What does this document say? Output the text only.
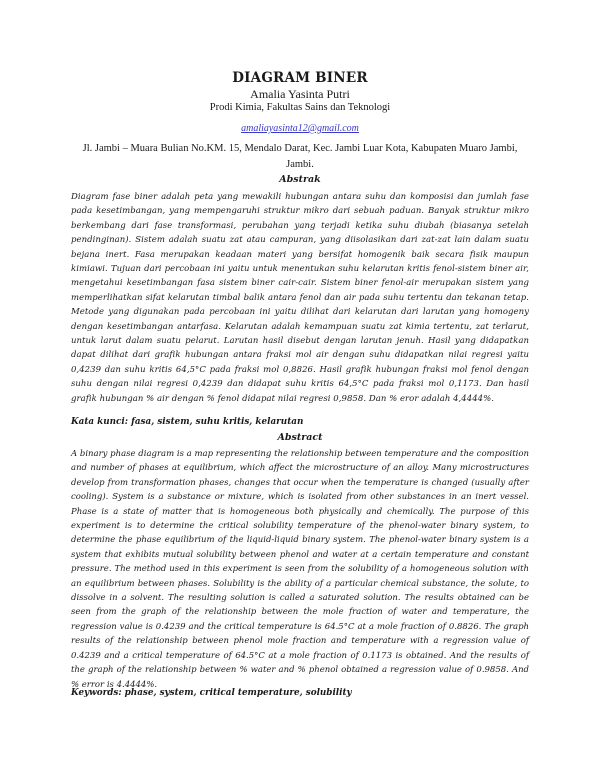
DIAGRAM BINER
Amalia Yasinta Putri
Prodi Kimia, Fakultas Sains dan Teknologi
amaliayasinta12@gmail.com
Jl. Jambi – Muara Bulian No.KM. 15, Mendalo Darat, Kec. Jambi Luar Kota, Kabupaten Muaro Jambi, Jambi.
Abstrak

Diagram fase biner adalah peta yang mewakili hubungan antara suhu dan komposisi dan jumlah fase pada kesetimbangan, yang mempengaruhi struktur mikro dari sebuah paduan. Banyak struktur mikro berkembang dari fase transformasi, perubahan yang terjadi ketika suhu diubah (biasanya setelah pendinginan). Sistem adalah suatu zat atau campuran, yang diisolasikan dari zat-zat lain dalam suatu bejana inert. Fasa merupakan keadaan materi yang bersifat homogenik baik secara fisik maupun kimiawi. Tujuan dari percobaan ini yaitu untuk menentukan suhu kelarutan kritis fenol-sistem biner air, mengetahui kesetimbangan fasa sistem biner cair-cair. Sistem biner fenol-air merupakan sistem yang memperlihatkan sifat kelarutan timbal balik antara fenol dan air pada suhu tertentu dan tekanan tetap. Metode yang digunakan pada percobaan ini yaitu dilihat dari kelarutan dari larutan yang homogeny dengan kesetimbangan antarfasa. Kelarutan adalah kemampuan suatu zat kimia tertentu, zat terlarut, untuk larut dalam suatu pelarut. Larutan hasil disebut dengan larutan jenuh. Hasil yang didapatkan dapat dilihat dari grafik hubungan antara fraksi mol air dengan suhu didapatkan nilai regresi yaitu 0,4239 dan suhu kritis 64,5°C pada fraksi mol 0,8826. Hasil grafik hubungan fraksi mol fenol dengan suhu dengan nilai regresi 0,4239 dan didapat suhu kritis 64,5°C pada fraksi mol 0,1173. Dan hasil grafik hubungan % air dengan % fenol didapat nilai regresi 0,9858. Dan % eror adalah 4,4444%.

Kata kunci: fasa, sistem, suhu kritis, kelarutan
Abstract

A binary phase diagram is a map representing the relationship between temperature and the composition and number of phases at equilibrium, which affect the microstructure of an alloy. Many microstructures develop from transformation phases, changes that occur when the temperature is changed (usually after cooling). System is a substance or mixture, which is isolated from other substances in an inert vessel. Phase is a state of matter that is homogeneous both physically and chemically. The purpose of this experiment is to determine the critical solubility temperature of the phenol-water binary system, to determine the phase equilibrium of the liquid-liquid binary system. The phenol-water binary system is a system that exhibits mutual solubility between phenol and water at a certain temperature and constant pressure. The method used in this experiment is seen from the solubility of a homogeneous solution with an equilibrium between phases. Solubility is the ability of a particular chemical substance, the solute, to dissolve in a solvent. The resulting solution is called a saturated solution. The results obtained can be seen from the graph of the relationship between the mole fraction of water and temperature, the regression value is 0.4239 and the critical temperature is 64.5°C at a mole fraction of 0.8826. The graph results of the relationship between phenol mole fraction and temperature with a regression value of 0.4239 and a critical temperature of 64.5°C at a mole fraction of 0.1173 is obtained. And the results of the graph of the relationship between % water and % phenol obtained a regression value of 0.9858. And % error is 4.4444%.

Keywords: phase, system, critical temperature, solubility
